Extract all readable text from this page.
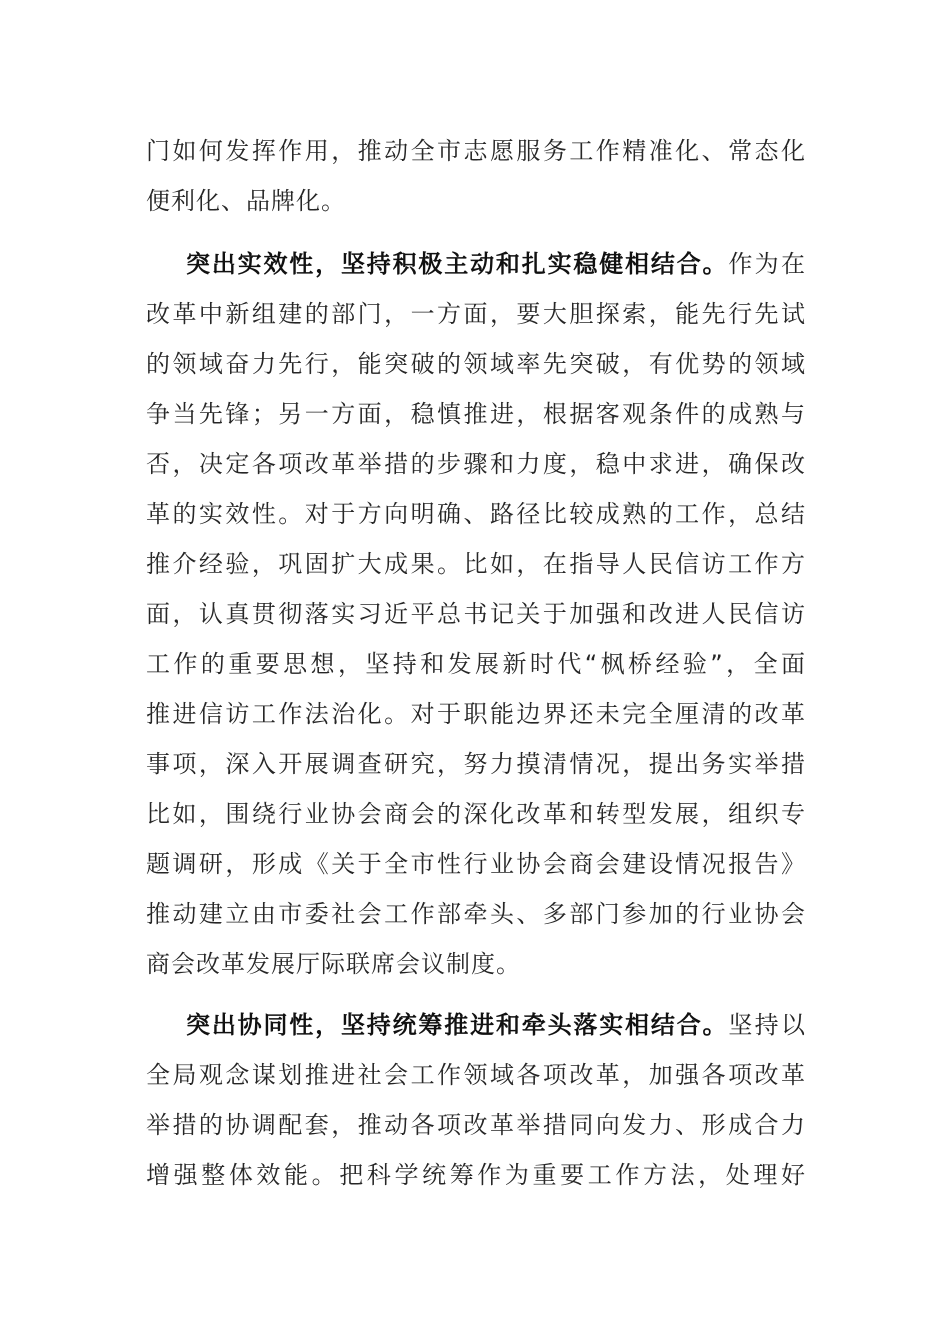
门如何发挥作用，推动全市志愿服务工作精准化、常态化
便利化、品牌化。
突出实效性，坚持积极主动和扎实稳健相结合。作为在
改革中新组建的部门，一方面，要大胆探索，能先行先试
的领域奋力先行，能突破的领域率先突破，有优势的领域
争当先锋；另一方面，稳慎推进，根据客观条件的成熟与
否，决定各项改革举措的步骤和力度，稳中求进，确保改
革的实效性。对于方向明确、路径比较成熟的工作，总结
推介经验，巩固扩大成果。比如，在指导人民信访工作方
面，认真贯彻落实习近平总书记关于加强和改进人民信访
工作的重要思想，坚持和发展新时代“枫桥经验”，全面
推进信访工作法治化。对于职能边界还未完全厘清的改革
事项，深入开展调查研究，努力摸清情况，提出务实举措
比如，围绕行业协会商会的深化改革和转型发展，组织专
题调研，形成《关于全市性行业协会商会建设情况报告》
推动建立由市委社会工作部牵头、多部门参加的行业协会
商会改革发展厅际联席会议制度。
突出协同性，坚持统筹推进和牵头落实相结合。坚持以
全局观念谋划推进社会工作领域各项改革，加强各项改革
举措的协调配套，推动各项改革举措同向发力、形成合力
增强整体效能。把科学统筹作为重要工作方法，处理好
